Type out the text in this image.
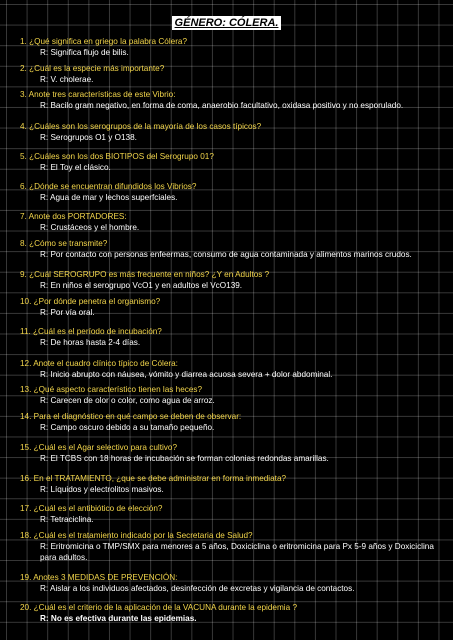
GÉNERO: CÓLERA.
1. ¿Qué significa en griego la palabra Cólera?
R: Significa flujo de bilis.
2. ¿Cuál es la especie más importante?
R: V. cholerae.
3. Anote tres características de este Vibrio:
R: Bacilo gram negativo, en forma de coma, anaerobio facultativo, oxidasa positivo y no esporulado.
4. ¿Cuáles son los serogrupos de la mayoría de los casos típicos?
R: Serogrupos O1 y O138.
5. ¿Cuáles son los dos BIOTIPOS del Serogrupo 01?
R: El Toy el clásico.
6. ¿Dónde se encuentran difundidos los Vibrios?
R: Agua de mar y lechos superfciales.
7. Anote dos PORTADORES:
R: Crustáceos y el hombre.
8. ¿Cómo se transmite?
R: Por contacto con personas enfeermas, consumo de agua contaminada y alimentos marinos crudos.
9. ¿Cuál SEROGRUPO es más frecuente en niños? ¿Y en Adultos ?
R: En niños el serogrupo VcO1 y en adultos el VcO139.
10. ¿Por dónde penetra el organismo?
R: Por vía oral.
11. ¿Cuál es el período de incubación?
R: De horas hasta 2-4 días.
12. Anote el cuadro clínico típico de Cólera:
R: Inicio abrupto con náusea, vómito y diarrea acuosa severa + dolor abdominal.
13. ¿Qué aspecto característico tienen las heces?
R: Carecen de olor o color, como agua de arroz.
14. Para el diagnóstico en qué campo se deben de observar:
R: Campo oscuro debido a su tamaño pequeño.
15. ¿Cuál es el Agar selectivo para cultivo?
R: El TCBS con 18 horas de incubación se forman colonias redondas amarillas.
16. En el TRATAMIENTO, ¿que se debe administrar en forma inmediata?
R: Líquidos y electrolitos masivos.
17. ¿Cuál es el antibiótico de elección?
R: Tetraciclina.
18. ¿Cuál es el tratamiento indicado por la Secretaria de Salud?
R: Eritromicina o TMP/SMX para menores a 5 años, Doxiciclina o eritromicina para Px 5-9 años y Doxiciclina para adultos.
19. Anotes 3 MEDIDAS DE PREVENCIÓN:
R: Aislar a los individuos afectados, desinfección de excretas y vigilancia de contactos.
20. ¿Cuál es el criterio de la aplicación de la VACUNA durante la epidemia ?
R: No es efectiva durante las epidemias.
